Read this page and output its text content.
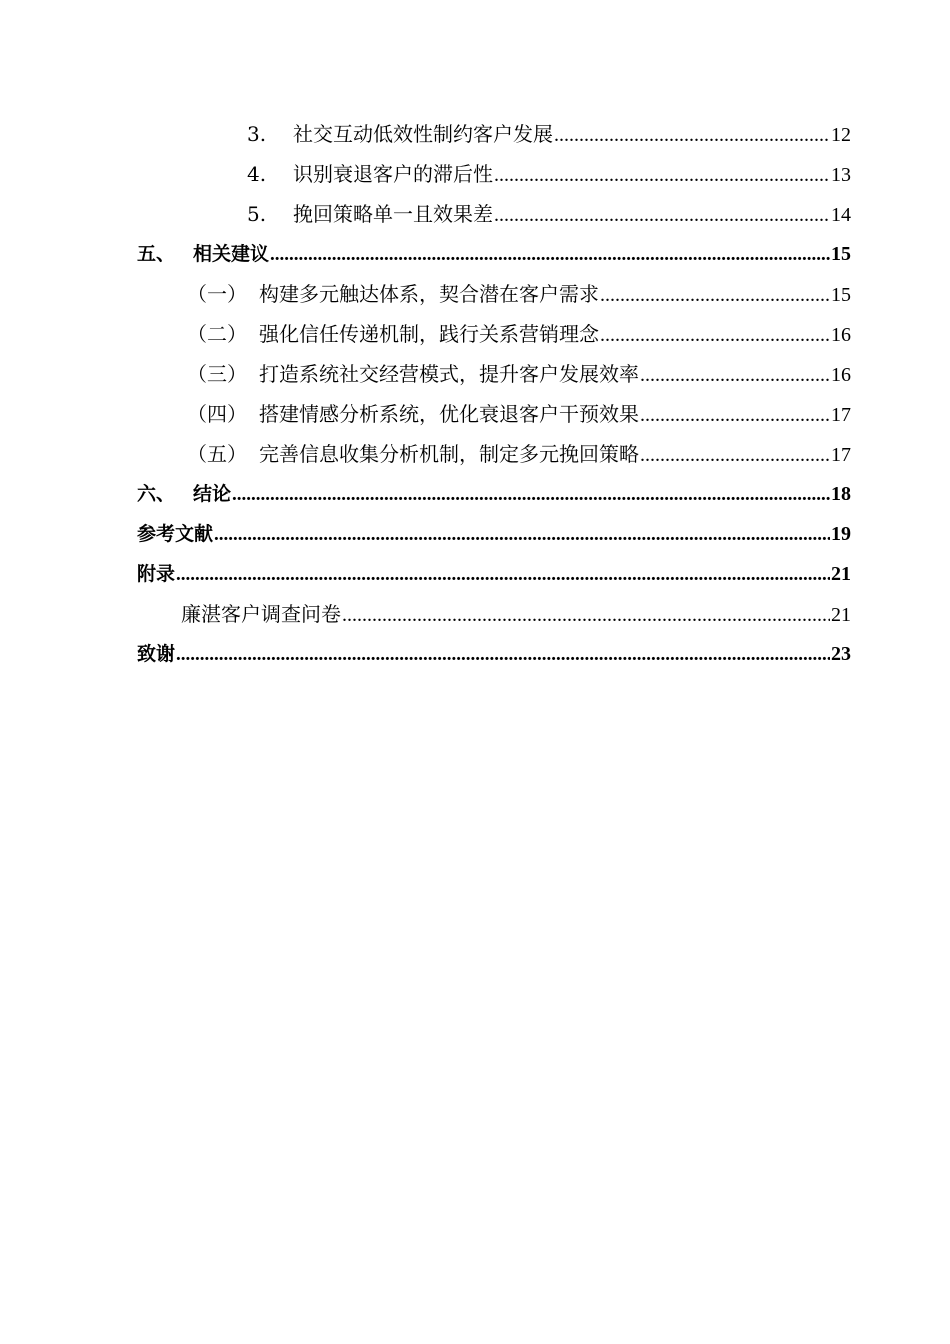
3.	社交互动低效性制约客户发展 .....	12
4.	识别衰退客户的滞后性 .....	13
5.	挽回策略单一且效果差 .....	14
五、 相关建议 .....	15
（一） 构建多元触达体系，契合潜在客户需求 .....	15
（二） 强化信任传递机制，践行关系营销理念 .....	16
（三） 打造系统社交经营模式，提升客户发展效率 .....	16
（四） 搭建情感分析系统，优化衰退客户干预效果 .....	17
（五） 完善信息收集分析机制，制定多元挽回策略 .....	17
六、 结论 .....	18
参考文献 .....	19
附录 .....	21
廉湛客户调查问卷 .....	21
致谢 .....	23
